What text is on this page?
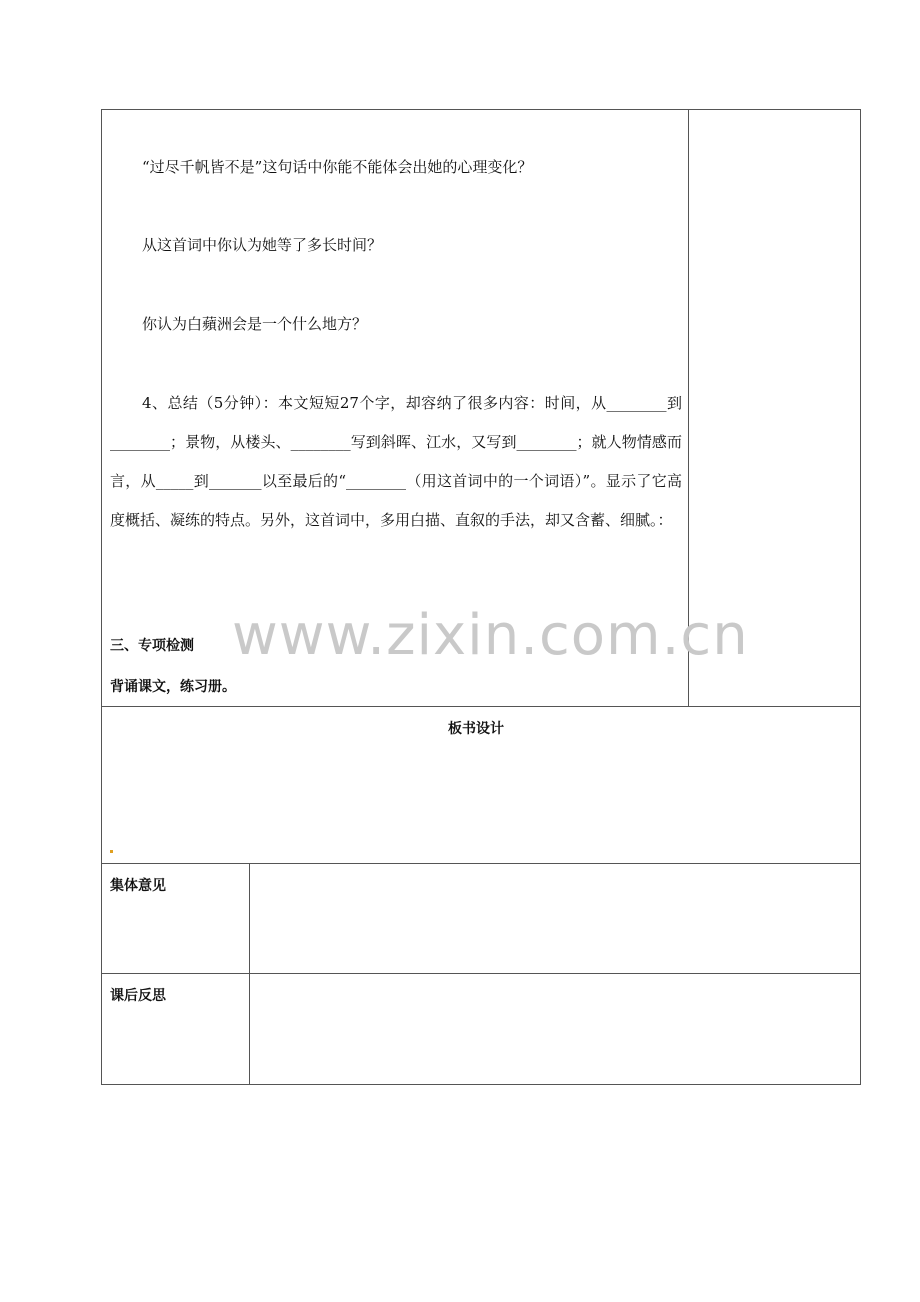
www.zixin.com.cn
“过尽千帆皆不是”这句话中你能不能体会出她的心理变化？
从这首词中你认为她等了多长时间？
你认为白蘋洲会是一个什么地方？
4、总结（5分钟）：本文短短27个字，却容纳了很多内容：时间，从________到________；景物，从楼头、________写到斜晖、江水，又写到________；就人物情感而言，从_____到_______以至最后的“________（用这首词中的一个词语）”。显示了它高度概括、凝练的特点。另外，这首词中，多用白描、直叙的手法，却又含蓄、细腻。：
三、专项检测
背诵课文，练习册。
板书设计
集体意见
课后反思
